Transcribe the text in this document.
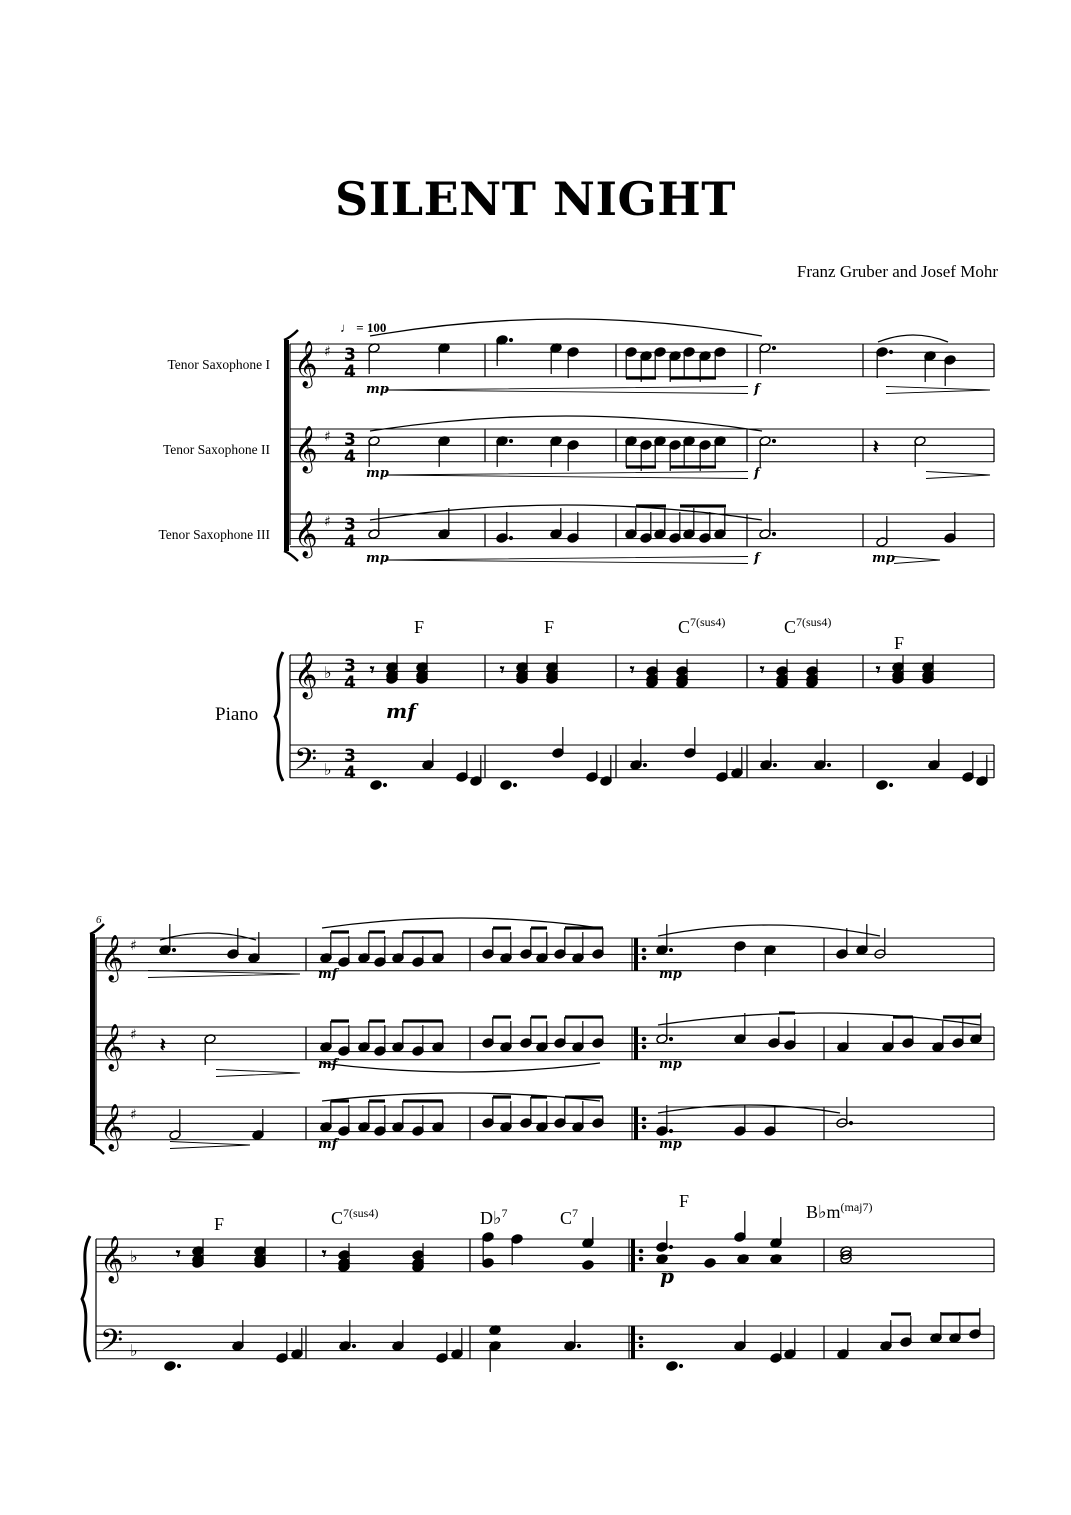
SILENT NIGHT
Franz Gruber and Josef Mohr
♩ = 100
Tenor Saxophone I
Tenor Saxophone II
Tenor Saxophone III
Piano
F	F	$C^{7(sus4)}$	$C^{7(sus4)}$
F
F	$C^{7(sus4)}$	D♭$^7$	$C^7$
F
$B♭m^{(maj7)}$
mp
mp
mp
f
f
f	mp
mf
6
mf
mf
mf
mp
mp
mp
p
𝄞 ♯ 3
4
𝄞 ♯ 3
4
𝄞 ♯ 3
4
𝄞 ♭ 3
4
𝄢 ♭
3
4
𝄞 ♯
𝄞 ♯
𝄞 ♯
𝄞 ♭
𝄢 ♭
𝄽
𝄾	𝄾	𝄾	𝄾	𝄾
𝄽
𝄾	𝄾
